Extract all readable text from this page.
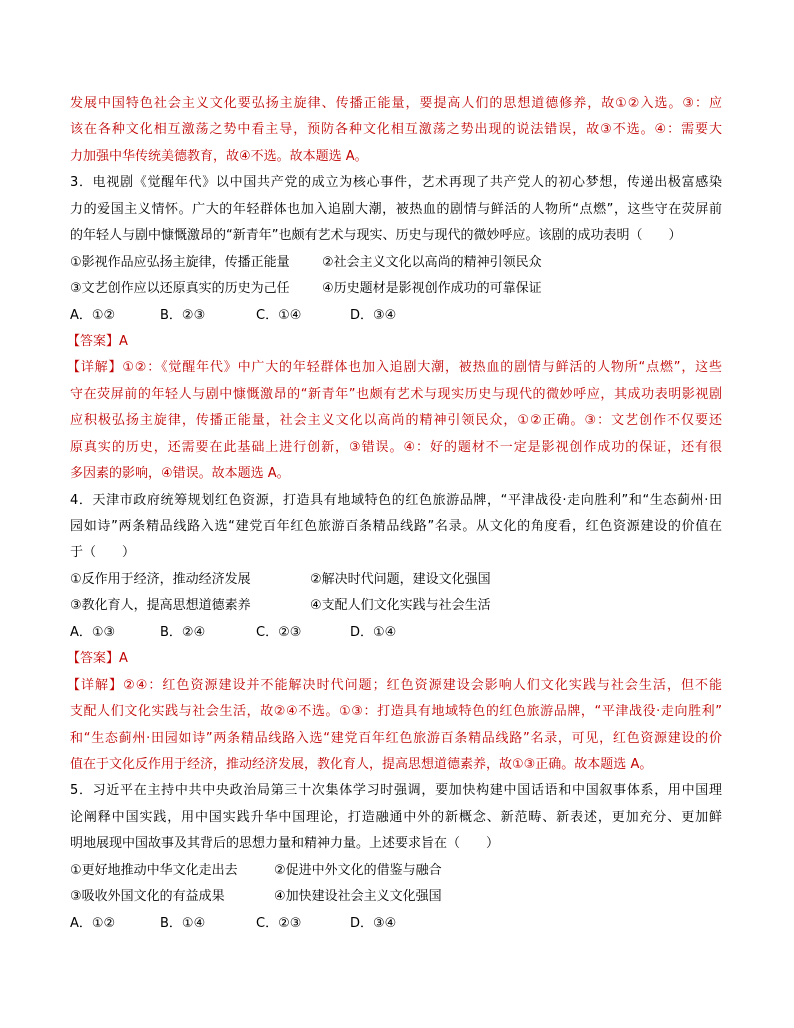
发展中国特色社会主义文化要弘扬主旋律、传播正能量，要提高人们的思想道德修养，故①②入选。③：应
该在各种文化相互激荡之势中看主导，预防各种文化相互激荡之势出现的说法错误，故③不选。④：需要大
力加强中华传统美德教育，故④不选。故本题选 A。
3．电视剧《觉醒年代》以中国共产党的成立为核心事件，艺术再现了共产党人的初心梦想，传递出极富感染
力的爱国主义情怀。广大的年轻群体也加入追剧大潮，被热血的剧情与鲜活的人物所“点燃”，这些守在荧屏前
的年轻人与剧中慷慨激昂的“新青年”也颇有艺术与现实、历史与现代的微妙呼应。该剧的成功表明（　　）
①影视作品应弘扬主旋律，传播正能量 ②社会主义文化以高尚的精神引领民众
③文艺创作应以还原真实的历史为己任 ④历史题材是影视创作成功的可靠保证
A．①②	B．②③	C．①④	D．③④
【答案】A
【详解】①②：《觉醒年代》中广大的年轻群体也加入追剧大潮，被热血的剧情与鲜活的人物所“点燃”，这些
守在荧屏前的年轻人与剧中慷慨激昂的“新青年”也颇有艺术与现实历史与现代的微妙呼应，其成功表明影视剧
应积极弘扬主旋律，传播正能量，社会主义文化以高尚的精神引领民众，①②正确。③：文艺创作不仅要还
原真实的历史，还需要在此基础上进行创新，③错误。④：好的题材不一定是影视创作成功的保证，还有很
多因素的影响，④错误。故本题选 A。
4．天津市政府统筹规划红色资源，打造具有地域特色的红色旅游品牌，“平津战役·走向胜利”和“生态蓟州·田
园如诗”两条精品线路入选“建党百年红色旅游百条精品线路”名录。从文化的角度看，红色资源建设的价值在
于（　　）
①反作用于经济，推动经济发展	②解决时代问题，建设文化强国
③教化育人，提高思想道德素养	④支配人们文化实践与社会生活
A．①③	B．②④	C．②③	D．①④
【答案】A
【详解】②④：红色资源建设并不能解决时代问题；红色资源建设会影响人们文化实践与社会生活，但不能
支配人们文化实践与社会生活，故②④不选。①③：打造具有地域特色的红色旅游品牌，“平津战役·走向胜利”
和“生态蓟州·田园如诗”两条精品线路入选“建党百年红色旅游百条精品线路”名录，可见，红色资源建设的价
值在于文化反作用于经济，推动经济发展，教化育人，提高思想道德素养，故①③正确。故本题选 A。
5．习近平在主持中共中央政治局第三十次集体学习时强调，要加快构建中国话语和中国叙事体系，用中国理
论阐释中国实践，用中国实践升华中国理论，打造融通中外的新概念、新范畴、新表述，更加充分、更加鲜
明地展现中国故事及其背后的思想力量和精神力量。上述要求旨在（　　）
①更好地推动中华文化走出去	②促进中外文化的借鉴与融合
③吸收外国文化的有益成果	④加快建设社会主义文化强国
A．①②	B．①④	C．②③	D．③④
